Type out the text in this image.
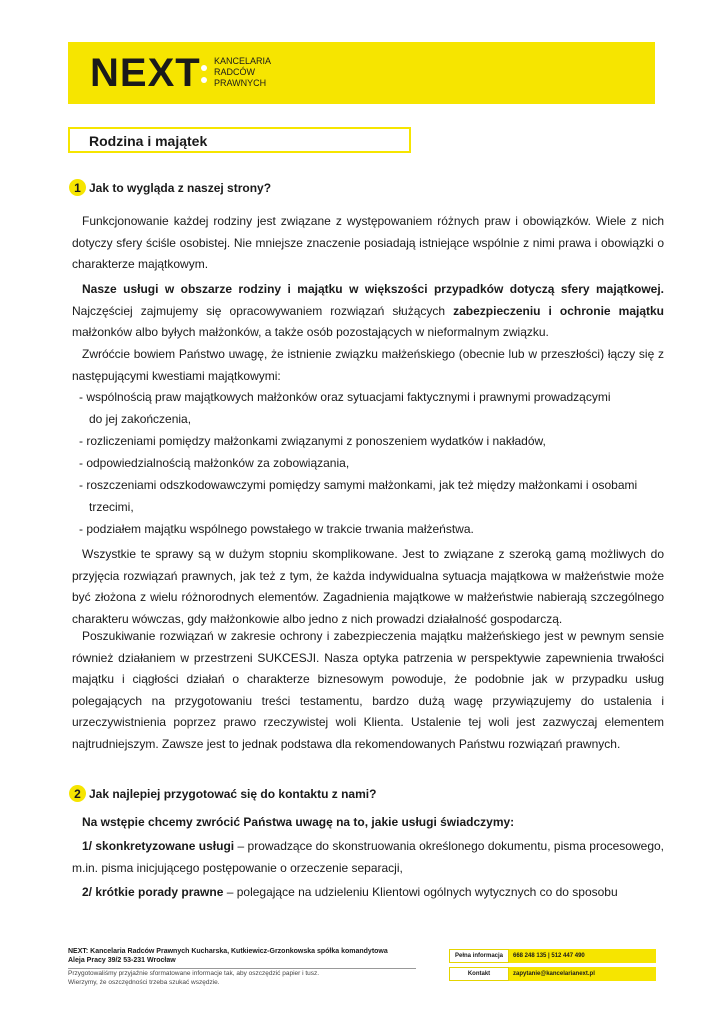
NEXT KANCELARIA
RADCÓW
PRAWNYCH
Rodzina i majątek
1 Jak to wygląda z naszej strony?
Funkcjonowanie każdej rodziny jest związane z występowaniem różnych praw i obowiązków. Wiele z nich dotyczy sfery ściśle osobistej. Nie mniejsze znaczenie posiadają istniejące wspólnie z nimi prawa i obowiązki o charakterze majątkowym.
Nasze usługi w obszarze rodziny i majątku w większości przypadków dotyczą sfery majątkowej. Najczęściej zajmujemy się opracowywaniem rozwiązań służących zabezpieczeniu i ochronie majątku małżonków albo byłych małżonków, a także osób pozostających w nieformalnym związku.
Zwróćcie bowiem Państwo uwagę, że istnienie związku małżeńskiego (obecnie lub w przeszłości) łączy się z następującymi kwestiami majątkowymi:
- wspólnością praw majątkowych małżonków oraz sytuacjami faktycznymi i prawnymi prowadzącymi
do jej zakończenia,
- rozliczeniami pomiędzy małżonkami związanymi z ponoszeniem wydatków i nakładów,
- odpowiedzialnością małżonków za zobowiązania,
- roszczeniami odszkodowawczymi pomiędzy samymi małżonkami, jak też między małżonkami i osobami
trzecimi,
- podziałem majątku wspólnego powstałego w trakcie trwania małżeństwa.
Wszystkie te sprawy są w dużym stopniu skomplikowane. Jest to związane z szeroką gamą możliwych do przyjęcia rozwiązań prawnych, jak też z tym, że każda indywidualna sytuacja majątkowa w małżeństwie może być złożona z wielu różnorodnych elementów. Zagadnienia majątkowe w małżeństwie nabierają szczególnego charakteru wówczas, gdy małżonkowie albo jedno z nich prowadzi działalność gospodarczą.
Poszukiwanie rozwiązań w zakresie ochrony i zabezpieczenia majątku małżeńskiego jest w pewnym sensie również działaniem w przestrzeni SUKCESJI. Nasza optyka patrzenia w perspektywie zapewnienia trwałości majątku i ciągłości działań o charakterze biznesowym powoduje, że podobnie jak w przypadku usług polegających na przygotowaniu treści testamentu, bardzo dużą wagę przywiązujemy do ustalenia i urzeczywistnienia poprzez prawo rzeczywistej woli Klienta. Ustalenie tej woli jest zazwyczaj elementem najtrudniejszym. Zawsze jest to jednak podstawa dla rekomendowanych Państwu rozwiązań prawnych.
2 Jak najlepiej przygotować się do kontaktu z nami?
Na wstępie chcemy zwrócić Państwa uwagę na to, jakie usługi świadczymy:
1/ skonkretyzowane usługi – prowadzące do skonstruowania określonego dokumentu, pisma procesowego, m.in. pisma inicjującego postępowanie o orzeczenie separacji,
2/ krótkie porady prawne – polegające na udzieleniu Klientowi ogólnych wytycznych co do sposobu
NEXT: Kancelaria Radców Prawnych Kucharska, Kutkiewicz-Grzonkowska spółka komandytowa
Aleja Pracy 39/2 53-231 Wrocław
Przygotowaliśmy przyjaźnie sformatowane informacje tak, aby oszczędzić papier i tusz.
Wierzymy, że oszczędności trzeba szukać wszędzie.
Pełna informacja	668 248 135 | 512 447 490
Kontakt	zapytanie@kancelarianext.pl
